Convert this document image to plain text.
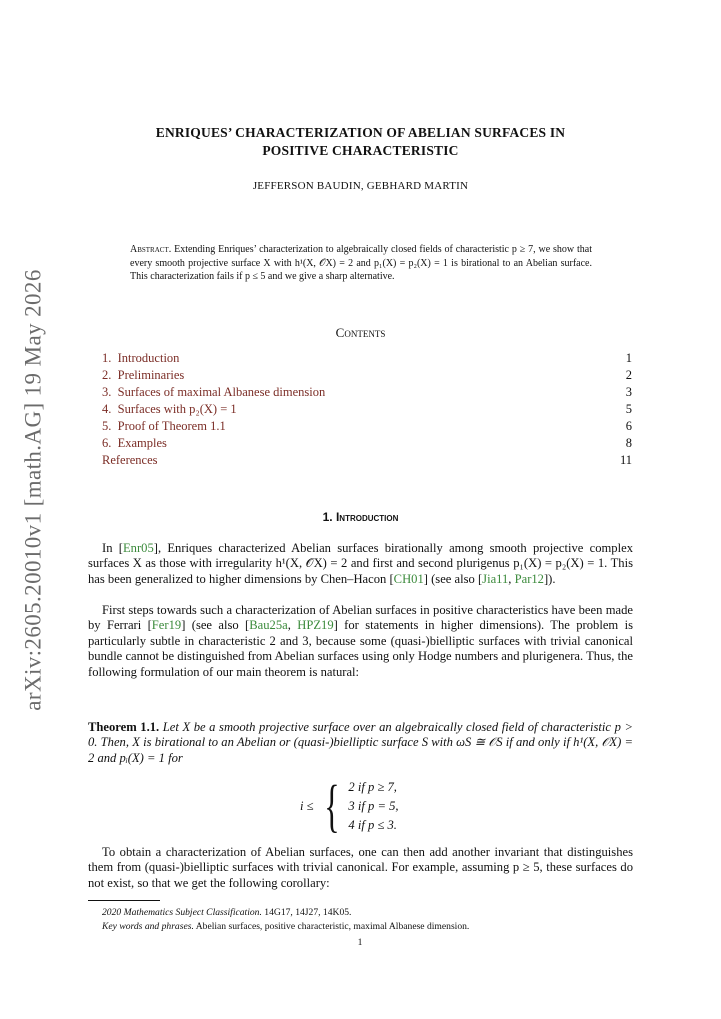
arXiv:2605.20010v1 [math.AG] 19 May 2026
ENRIQUES’ CHARACTERIZATION OF ABELIAN SURFACES IN
POSITIVE CHARACTERISTIC
JEFFERSON BAUDIN, GEBHARD MARTIN
Abstract. Extending Enriques’ characterization to algebraically closed fields of characteristic p ≥ 7, we show that every smooth projective surface X with h¹(X, 𝒪X) = 2 and p₁(X) = p₂(X) = 1 is birational to an Abelian surface. This characterization fails if p ≤ 5 and we give a sharp alternative.
Contents
1. Introduction	1
2. Preliminaries	2
3. Surfaces of maximal Albanese dimension	3
4. Surfaces with p₂(X) = 1	5
5. Proof of Theorem 1.1	6
6. Examples	8
References	11
1. Introduction

In [Enr05], Enriques characterized Abelian surfaces birationally among smooth projective complex surfaces X as those with irregularity h¹(X, 𝒪X) = 2 and first and second plurigenus p₁(X) = p₂(X) = 1. This has been generalized to higher dimensions by Chen–Hacon [CH01] (see also [Jia11, Par12]).

First steps towards such a characterization of Abelian surfaces in positive characteristics have been made by Ferrari [Fer19] (see also [Bau25a, HPZ19] for statements in higher dimensions). The problem is particularly subtle in characteristic 2 and 3, because some (quasi-)bielliptic surfaces with trivial canonical bundle cannot be distinguished from Abelian surfaces using only Hodge numbers and plurigenera. Thus, the following formulation of our main theorem is natural:

Theorem 1.1. Let X be a smooth projective surface over an algebraically closed field of characteristic p > 0. Then, X is birational to an Abelian or (quasi-)bielliptic surface S with ωS ≅ 𝒪S if and only if h¹(X, 𝒪X) = 2 and pᵢ(X) = 1 for
i ≤ { 2 if p ≥ 7,
3 if p = 5,
4 if p ≤ 3.

To obtain a characterization of Abelian surfaces, one can then add another invariant that distinguishes them from (quasi-)bielliptic surfaces with trivial canonical. For example, assuming p ≥ 5, these surfaces do not exist, so that we get the following corollary:

2020 Mathematics Subject Classification. 14G17, 14J27, 14K05.
Key words and phrases. Abelian surfaces, positive characteristic, maximal Albanese dimension.
1
